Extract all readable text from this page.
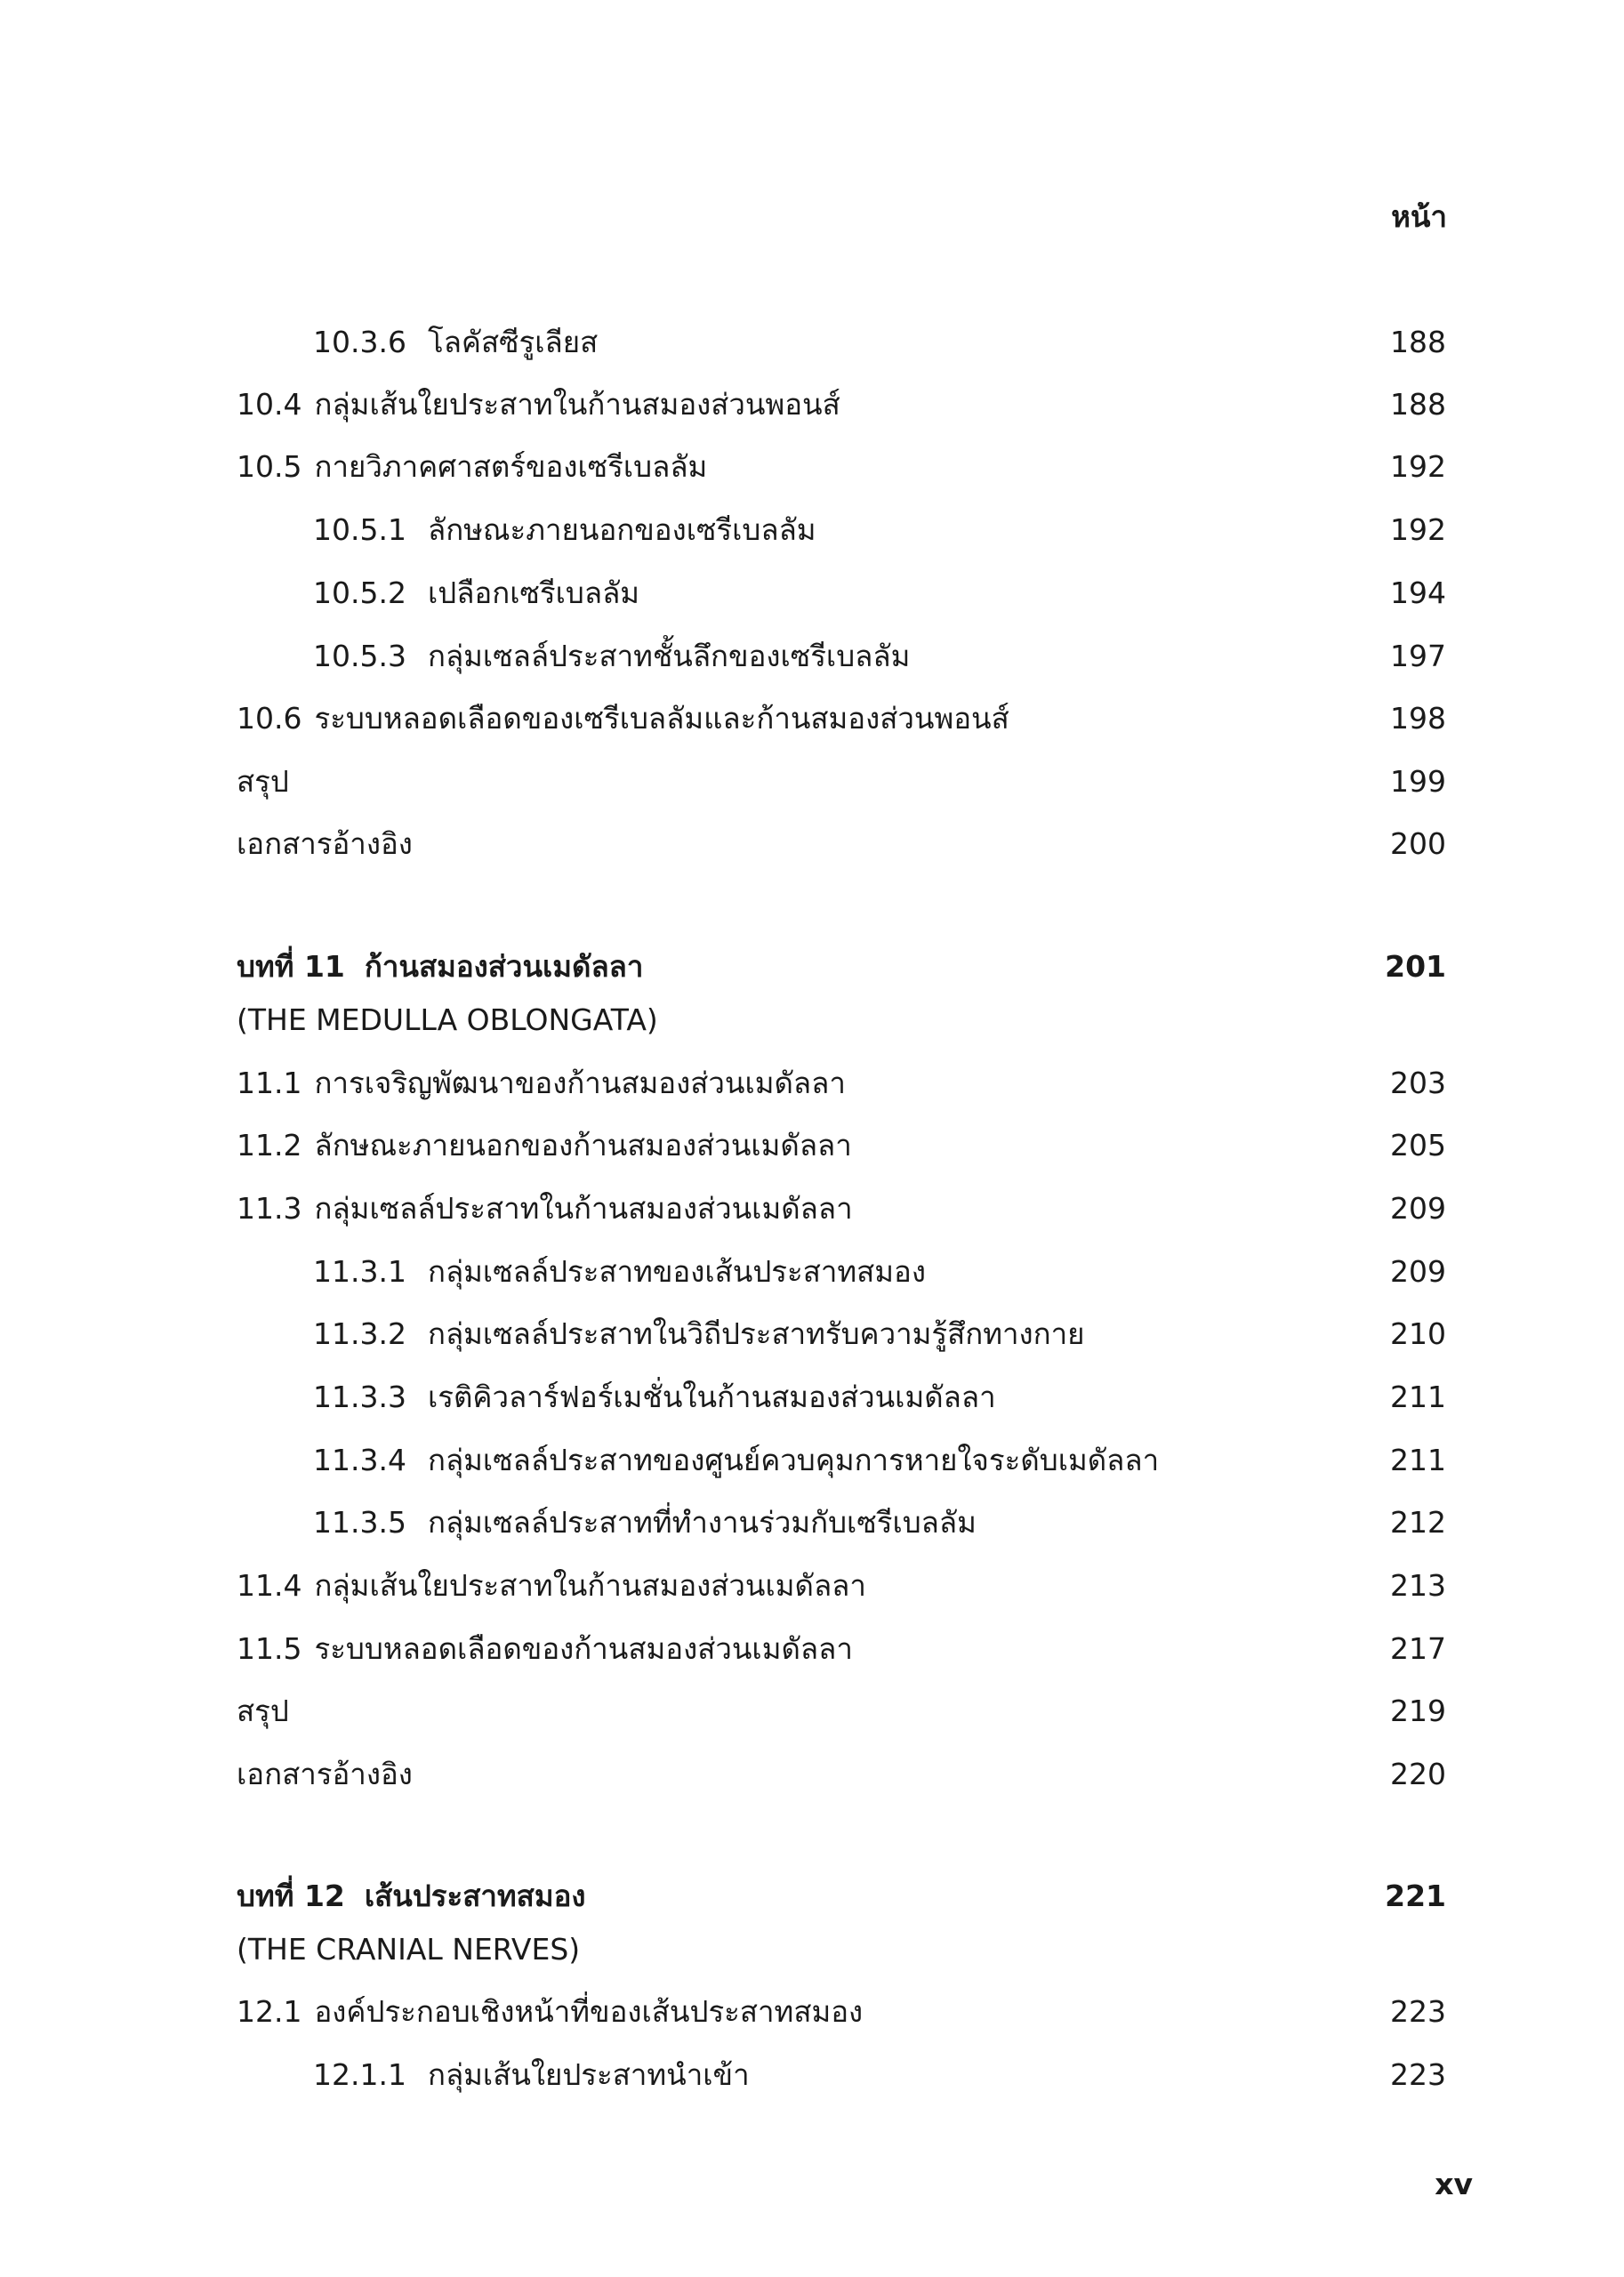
หน้า
10.3.6 โลคัสซีรูเลียส	188
10.4 กลุ่มเส้นใยประสาทในก้านสมองส่วนพอนส์	188
10.5 กายวิภาคศาสตร์ของเซรีเบลลัม	192
10.5.1 ลักษณะภายนอกของเซรีเบลลัม	192
10.5.2 เปลือกเซรีเบลลัม	194
10.5.3 กลุ่มเซลล์ประสาทชั้นลึกของเซรีเบลลัม	197
10.6 ระบบหลอดเลือดของเซรีเบลลัมและก้านสมองส่วนพอนส์	198
สรุป	199
เอกสารอ้างอิง	200
บทที่ 11 ก้านสมองส่วนเมดัลลา	201
(THE MEDULLA OBLONGATA)
11.1 การเจริญพัฒนาของก้านสมองส่วนเมดัลลา	203
11.2 ลักษณะภายนอกของก้านสมองส่วนเมดัลลา	205
11.3 กลุ่มเซลล์ประสาทในก้านสมองส่วนเมดัลลา	209
11.3.1 กลุ่มเซลล์ประสาทของเส้นประสาทสมอง	209
11.3.2 กลุ่มเซลล์ประสาทในวิถีประสาทรับความรู้สึกทางกาย	210
11.3.3 เรติคิวลาร์ฟอร์เมชั่นในก้านสมองส่วนเมดัลลา	211
11.3.4 กลุ่มเซลล์ประสาทของศูนย์ควบคุมการหายใจระดับเมดัลลา	211
11.3.5 กลุ่มเซลล์ประสาทที่ทำงานร่วมกับเซรีเบลลัม	212
11.4 กลุ่มเส้นใยประสาทในก้านสมองส่วนเมดัลลา	213
11.5 ระบบหลอดเลือดของก้านสมองส่วนเมดัลลา	217
สรุป	219
เอกสารอ้างอิง	220
บทที่ 12 เส้นประสาทสมอง	221
(THE CRANIAL NERVES)
12.1 องค์ประกอบเชิงหน้าที่ของเส้นประสาทสมอง	223
12.1.1 กลุ่มเส้นใยประสาทนำเข้า	223
xv
